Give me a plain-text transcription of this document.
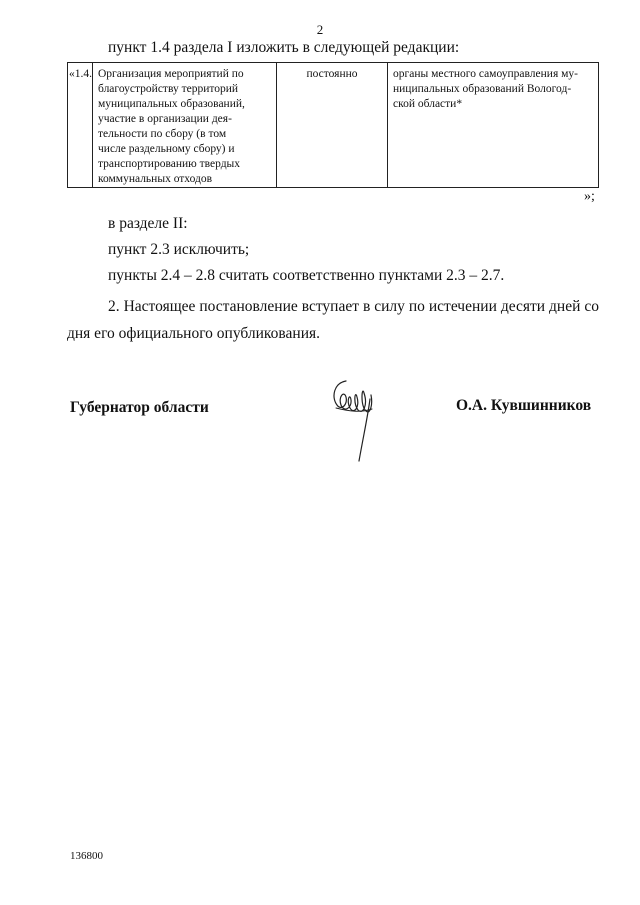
2
пункт 1.4 раздела I изложить в следующей редакции:
«1.4.	Организация мероприятий по
благоустройству территорий
муниципальных образований,
участие в организации дея-
тельности по сбору (в том
числе раздельному сбору) и
транспортированию твердых
коммунальных отходов	постоянно	органы местного самоуправления му-
ниципальных образований Вологод-
ской области*
»;
в разделе II:
пункт 2.3 исключить;
пункты 2.4 – 2.8 считать соответственно пунктами 2.3 – 2.7.
2. Настоящее постановление вступает в силу по истечении десяти дней со дня его официального опубликования.
Губернатор области	О.А. Кувшинников
136800
